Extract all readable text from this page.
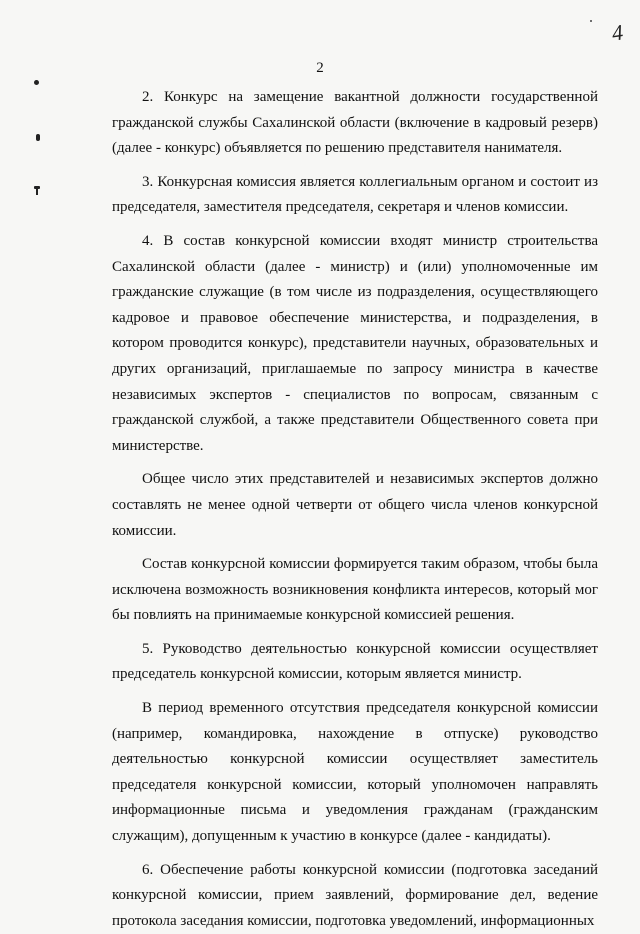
4
2

2. Конкурс на замещение вакантной должности государственной гражданской службы Сахалинской области (включение в кадровый резерв) (далее - конкурс) объявляется по решению представителя нанимателя.

3. Конкурсная комиссия является коллегиальным органом и состоит из председателя, заместителя председателя, секретаря и членов комиссии.

4. В состав конкурсной комиссии входят министр строительства Сахалинской области (далее - министр) и (или) уполномоченные им гражданские служащие (в том числе из подразделения, осуществляющего кадровое и правовое обеспечение министерства, и подразделения, в котором проводится конкурс), представители научных, образовательных и других организаций, приглашаемые по запросу министра в качестве независимых экспертов - специалистов по вопросам, связанным с гражданской службой, а также представители Общественного совета при министерстве.

Общее число этих представителей и независимых экспертов должно составлять не менее одной четверти от общего числа членов конкурсной комиссии.

Состав конкурсной комиссии формируется таким образом, чтобы была исключена возможность возникновения конфликта интересов, который мог бы повлиять на принимаемые конкурсной комиссией решения.

5. Руководство деятельностью конкурсной комиссии осуществляет председатель конкурсной комиссии, которым является министр.

В период временного отсутствия председателя конкурсной комиссии (например, командировка, нахождение в отпуске) руководство деятельностью конкурсной комиссии осуществляет заместитель председателя конкурсной комиссии, который уполномочен направлять информационные письма и уведомления гражданам (гражданским служащим), допущенным к участию в конкурсе (далее - кандидаты).

6. Обеспечение работы конкурсной комиссии (подготовка заседаний конкурсной комиссии, прием заявлений, формирование дел, ведение протокола заседания комиссии, подготовка уведомлений, информационных
